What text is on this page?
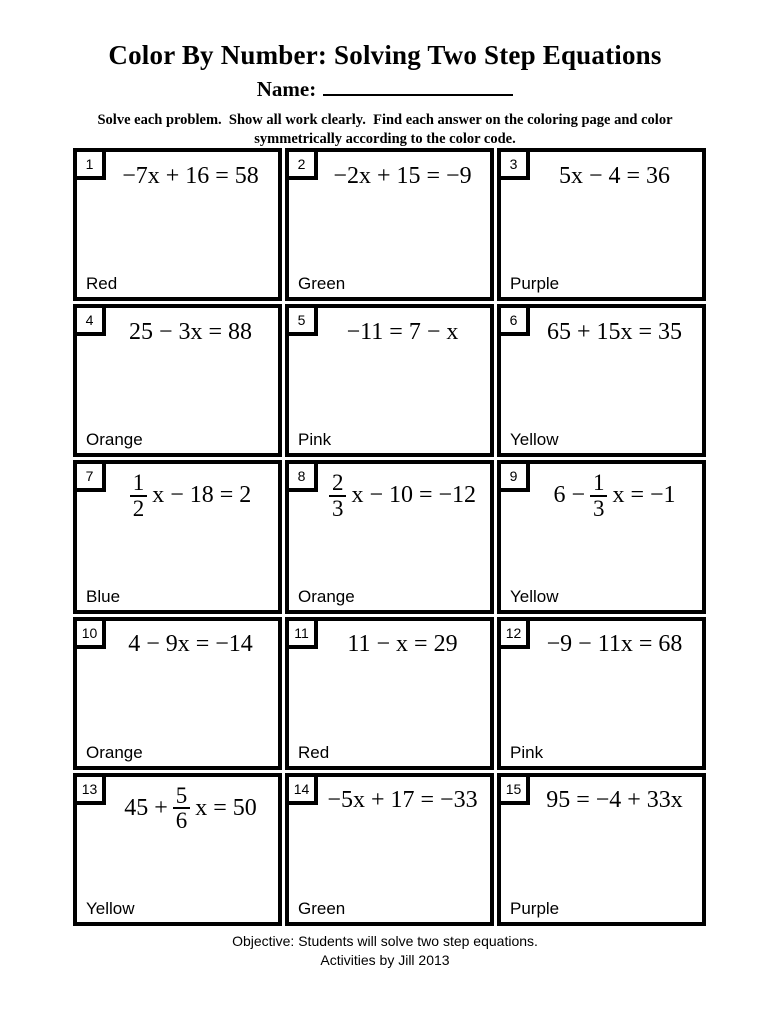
Color By Number: Solving Two Step Equations
Name:
Solve each problem.  Show all work clearly.  Find each answer on the coloring page and color
symmetrically according to the color code.
1	−7x + 16 = 58
Red
2	−2x + 15 = −9
Green
3	5x − 4 = 36
Purple
4	25 − 3x = 88
Orange
5	−11 = 7 − x
Pink
6	65 + 15x = 35
Yellow
7	$\frac{1}{2}$ x − 18 = 2
Blue
8	$\frac{2}{3}$ x − 10 = −12
Orange
9
$6 - \frac{1}{3}$ x = −1
Yellow
10	4 − 9x = −14
Orange
11	11 − x = 29
Red
12	−9 − 11x = 68
Pink
13
$45 + \frac{5}{6}$ x = 50
Yellow
14 −5x + 17 = −33
Green
15	95 = −4 + 33x
Purple
Objective: Students will solve two step equations.
Activities by Jill 2013
